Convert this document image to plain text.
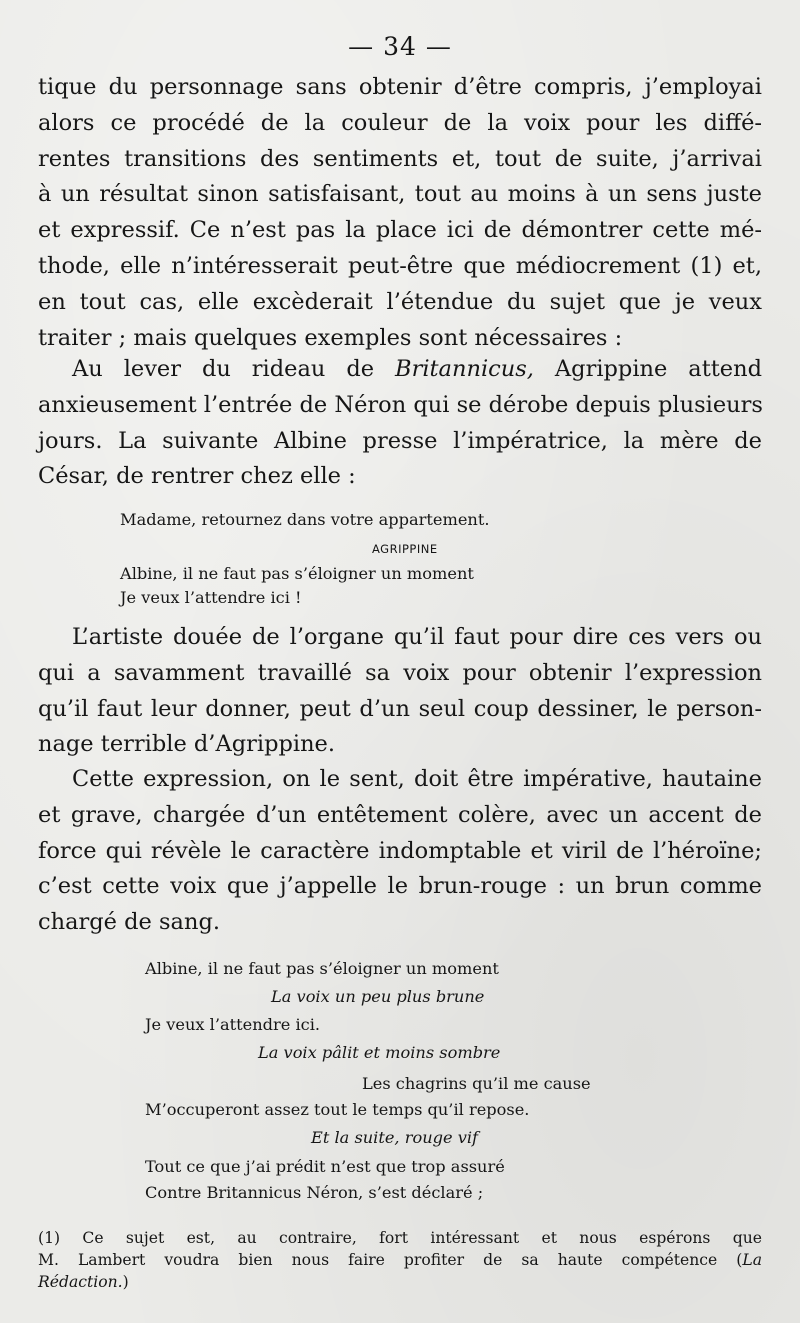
— 34 —
tique du personnage sans obtenir d’être compris, j’employai
alors ce procédé de la couleur de la voix pour les diffé-
rentes transitions des sentiments et, tout de suite, j’arrivai
à un résultat sinon satisfaisant, tout au moins à un sens juste
et expressif. Ce n’est pas la place ici de démontrer cette mé-
thode, elle n’intéresserait peut-être que médiocrement (1) et,
en tout cas, elle excèderait l’étendue du sujet que je veux
traiter ; mais quelques exemples sont nécessaires :
Au lever du rideau de Britannicus, Agrippine attend
anxieusement l’entrée de Néron qui se dérobe depuis plusieurs
jours. La suivante Albine presse l’impératrice, la mère de
César, de rentrer chez elle :
Madame, retournez dans votre appartement.
AGRIPPINE
Albine, il ne faut pas s’éloigner un moment
Je veux l’attendre ici !
L’artiste douée de l’organe qu’il faut pour dire ces vers ou
qui a savamment travaillé sa voix pour obtenir l’expression
qu’il faut leur donner, peut d’un seul coup dessiner, le person-
nage terrible d’Agrippine.
Cette expression, on le sent, doit être impérative, hautaine
et grave, chargée d’un entêtement colère, avec un accent de
force qui révèle le caractère indomptable et viril de l’héroïne;
c’est cette voix que j’appelle le brun-rouge : un brun comme
chargé de sang.
Albine, il ne faut pas s’éloigner un moment
La voix un peu plus brune
Je veux l’attendre ici.
La voix pâlit et moins sombre
Les chagrins qu’il me cause
M’occuperont assez tout le temps qu’il repose.
Et la suite, rouge vif
Tout ce que j’ai prédit n’est que trop assuré
Contre Britannicus Néron, s’est déclaré ;
(1) Ce sujet est, au contraire, fort intéressant et nous espérons que
M. Lambert voudra bien nous faire profiter de sa haute compétence (La
Rédaction.)
